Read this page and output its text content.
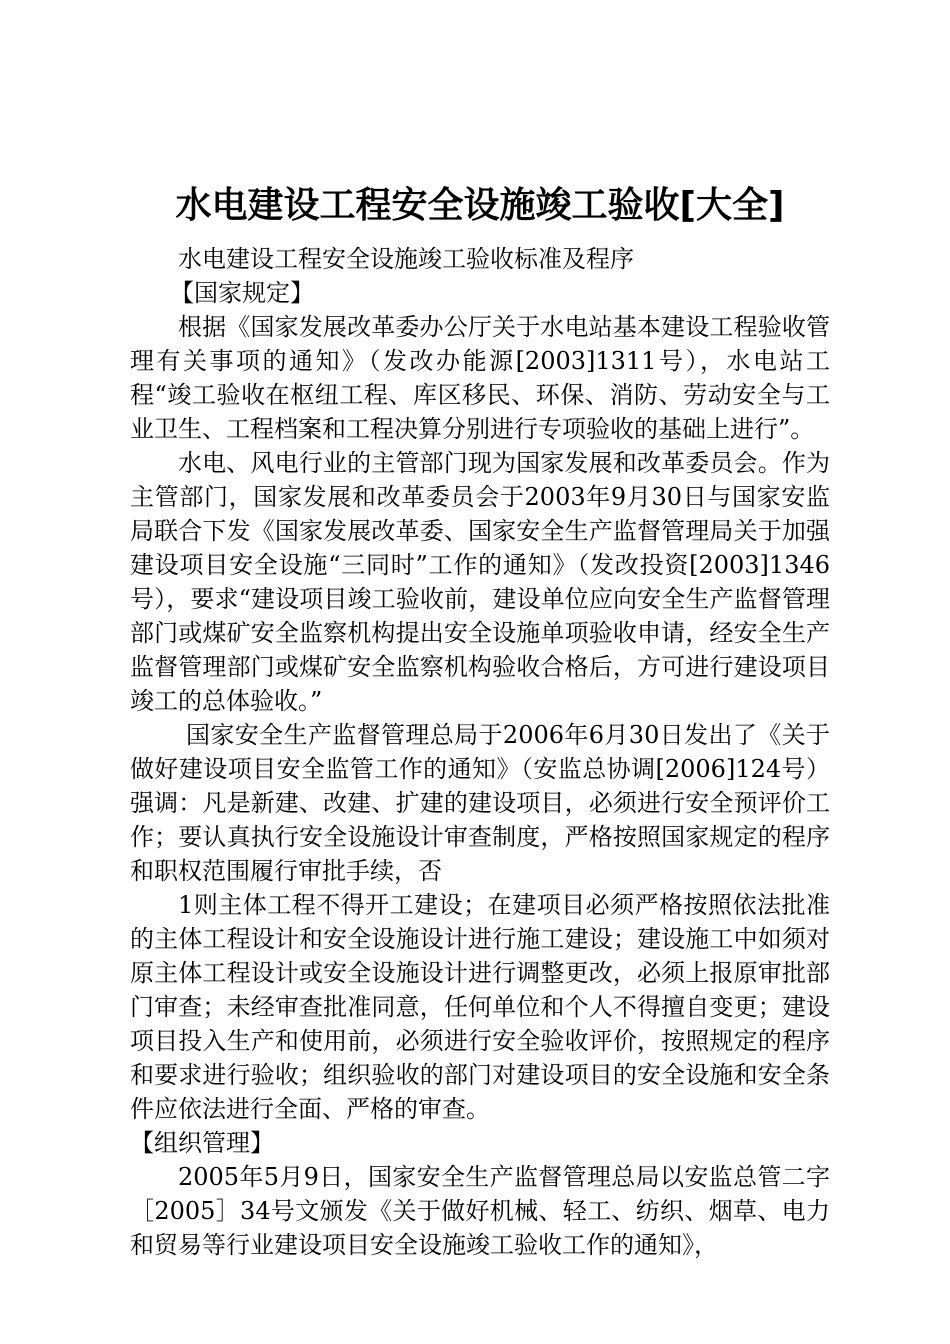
水电建设工程安全设施竣工验收[大全]

水电建设工程安全设施竣工验收标准及程序

【国家规定】

根据《国家发展改革委办公厅关于水电站基本建设工程验收管理有关事项的通知》（发改办能源[2003]1311号），水电站工程“竣工验收在枢纽工程、库区移民、环保、消防、劳动安全与工业卫生、工程档案和工程决算分别进行专项验收的基础上进行”。

水电、风电行业的主管部门现为国家发展和改革委员会。作为主管部门，国家发展和改革委员会于2003年9月30日与国家安监局联合下发《国家发展改革委、国家安全生产监督管理局关于加强建设项目安全设施“三同时”工作的通知》（发改投资[2003]1346号），要求“建设项目竣工验收前，建设单位应向安全生产监督管理部门或煤矿安全监察机构提出安全设施单项验收申请，经安全生产监督管理部门或煤矿安全监察机构验收合格后，方可进行建设项目竣工的总体验收。”

国家安全生产监督管理总局于2006年6月30日发出了《关于做好建设项目安全监管工作的通知》（安监总协调[2006]124号）强调：凡是新建、改建、扩建的建设项目，必须进行安全预评价工作；要认真执行安全设施设计审查制度，严格按照国家规定的程序和职权范围履行审批手续，否

1则主体工程不得开工建设；在建项目必须严格按照依法批准的主体工程设计和安全设施设计进行施工建设；建设施工中如须对原主体工程设计或安全设施设计进行调整更改，必须上报原审批部门审查；未经审查批准同意，任何单位和个人不得擅自变更；建设项目投入生产和使用前，必须进行安全验收评价，按照规定的程序和要求进行验收；组织验收的部门对建设项目的安全设施和安全条件应依法进行全面、严格的审查。

【组织管理】

2005年5月9日，国家安全生产监督管理总局以安监总管二字［2005］34号文颁发《关于做好机械、轻工、纺织、烟草、电力和贸易等行业建设项目安全设施竣工验收工作的通知》，
